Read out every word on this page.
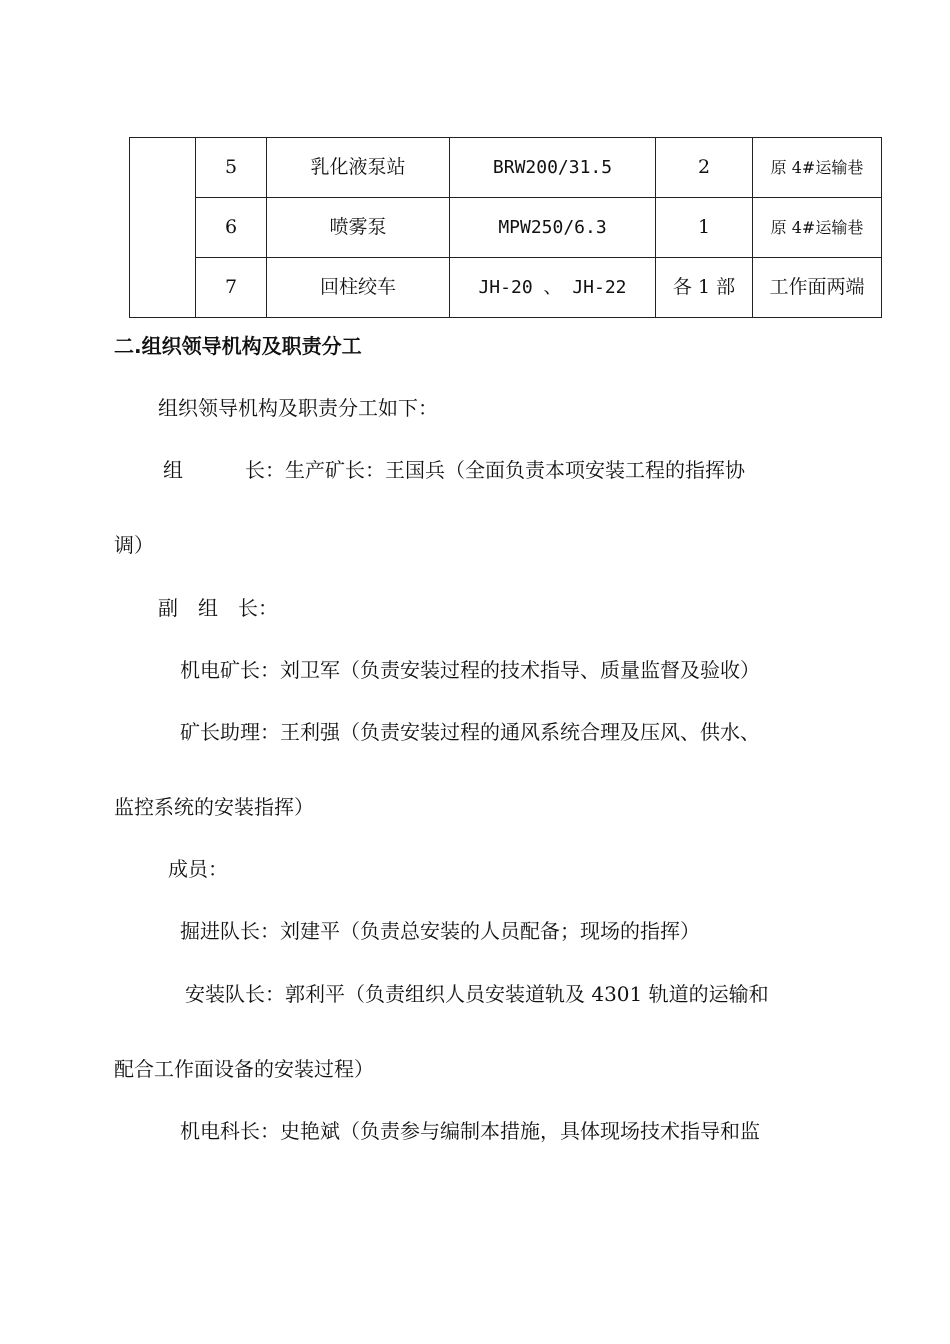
	5	乳化液泵站	BRW200/31.5	2	原 4#运输巷
	6	喷雾泵	MPW250/6.3	1	原 4#运输巷
	7	回柱绞车	JH-20 、 JH-22	各 1 部	工作面两端
二.组织领导机构及职责分工
组织领导机构及职责分工如下：
组	长：生产矿长：王国兵（全面负责本项安装工程的指挥协
调）
副　组　长：
机电矿长：刘卫军（负责安装过程的技术指导、质量监督及验收）
矿长助理：王利强（负责安装过程的通风系统合理及压风、供水、
监控系统的安装指挥）
成员：
掘进队长：刘建平（负责总安装的人员配备；现场的指挥）
安装队长：郭利平（负责组织人员安装道轨及 4301 轨道的运输和
配合工作面设备的安装过程）
机电科长：史艳斌（负责参与编制本措施，具体现场技术指导和监
